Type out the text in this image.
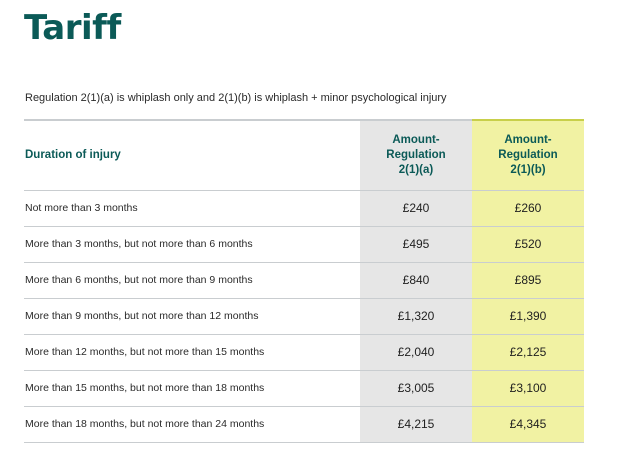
Tariff

Regulation 2(1)(a) is whiplash only and 2(1)(b) is whiplash + minor psychological injury

Duration of injury	Amount-
Regulation
2(1)(a)	Amount-
Regulation
2(1)(b)

Not more than 3 months	£240	£260
More than 3 months, but not more than 6 months	£495	£520
More than 6 months, but not more than 9 months	£840	£895
More than 9 months, but not more than 12 months	£1,320	£1,390
More than 12 months, but not more than 15 months	£2,040	£2,125
More than 15 months, but not more than 18 months	£3,005	£3,100
More than 18 months, but not more than 24 months	£4,215	£4,345
